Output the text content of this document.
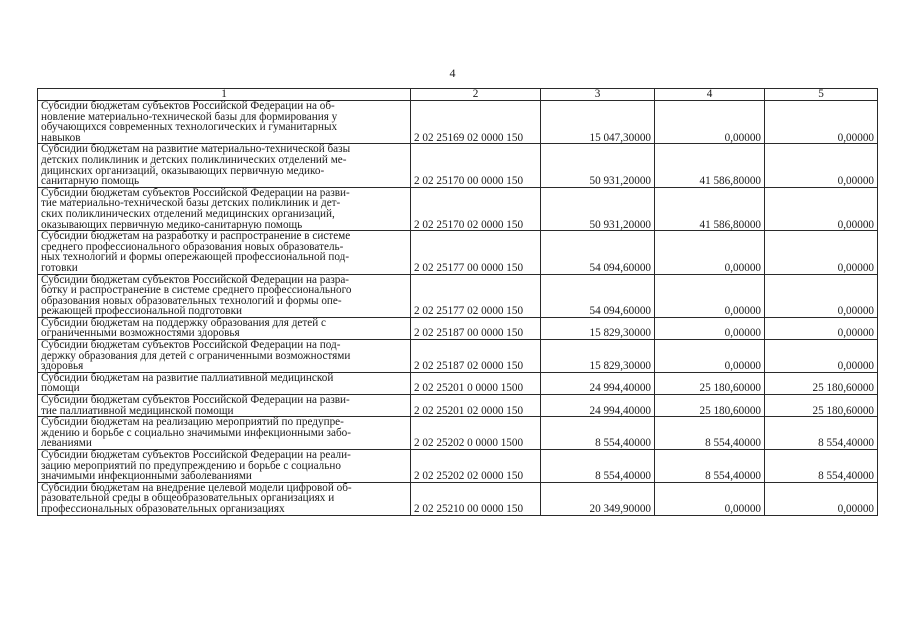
4
1	2	3	4	5

Субсидии бюджетам субъектов Российской Федерации на об-
новление материально-технической базы для формирования у
обучающихся современных технологических и гуманитарных
навыков	2 02 25169 02 0000 150	15 047,30000	0,00000	0,00000

Субсидии бюджетам на развитие материально-технической базы
детских поликлиник и детских поликлинических отделений ме-
дицинских организаций, оказывающих первичную медико-
санитарную помощь	2 02 25170 00 0000 150	50 931,20000	41 586,80000	0,00000

Субсидии бюджетам субъектов Российской Федерации на разви-
тие материально-технической базы детских поликлиник и дет-
ских поликлинических отделений медицинских организаций,
оказывающих первичную медико-санитарную помощь	2 02 25170 02 0000 150	50 931,20000	41 586,80000	0,00000

Субсидии бюджетам на разработку и распространение в системе
среднего профессионального образования новых образователь-
ных технологий и формы опережающей профессиональной под-
готовки	2 02 25177 00 0000 150	54 094,60000	0,00000	0,00000

Субсидии бюджетам субъектов Российской Федерации на разра-
ботку и распространение в системе среднего профессионального
образования новых образовательных технологий и формы опе-
режающей профессиональной подготовки	2 02 25177 02 0000 150	54 094,60000	0,00000	0,00000

Субсидии бюджетам на поддержку образования для детей с
ограниченными возможностями здоровья	2 02 25187 00 0000 150	15 829,30000	0,00000	0,00000

Субсидии бюджетам субъектов Российской Федерации на под-
держку образования для детей с ограниченными возможностями
здоровья	2 02 25187 02 0000 150	15 829,30000	0,00000	0,00000

Субсидии бюджетам на развитие паллиативной медицинской
помощи	2 02 25201 0 0000 1500	24 994,40000	25 180,60000	25 180,60000

Субсидии бюджетам субъектов Российской Федерации на разви-
тие паллиативной медицинской помощи	2 02 25201 02 0000 150	24 994,40000	25 180,60000	25 180,60000

Субсидии бюджетам на реализацию мероприятий по предупре-
ждению и борьбе с социально значимыми инфекционными забо-
леваниями	2 02 25202 0 0000 1500	8 554,40000	8 554,40000	8 554,40000

Субсидии бюджетам субъектов Российской Федерации на реали-
зацию мероприятий по предупреждению и борьбе с социально
значимыми инфекционными заболеваниями	2 02 25202 02 0000 150	8 554,40000	8 554,40000	8 554,40000

Субсидии бюджетам на внедрение целевой модели цифровой об-
разовательной среды в общеобразовательных организациях и
профессиональных образовательных организациях	2 02 25210 00 0000 150	20 349,90000	0,00000	0,00000
